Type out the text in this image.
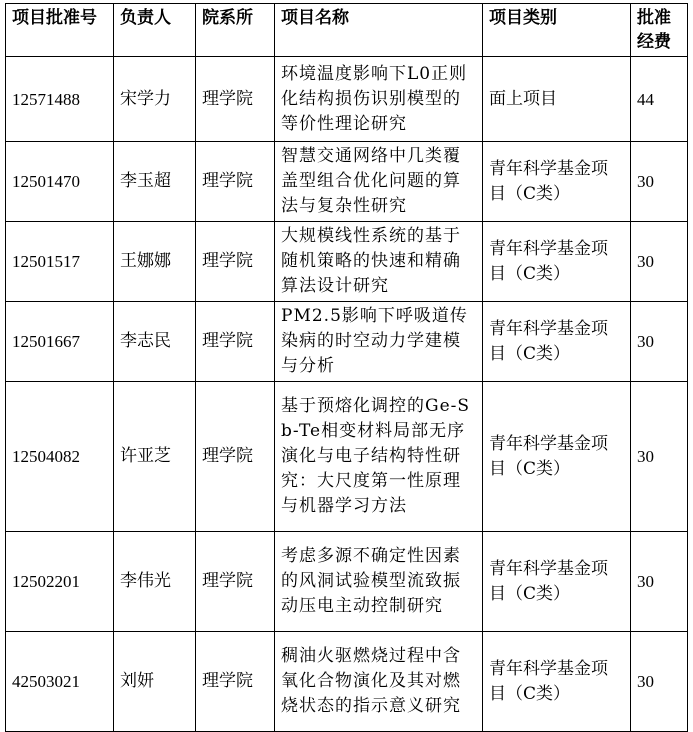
项目批准号	负责人	院系所	项目名称	项目类别	批准经费
12571488	宋学力	理学院	环境温度影响下L0正则化结构损伤识别模型的等价性理论研究	面上项目	44
12501470	李玉超	理学院	智慧交通网络中几类覆盖型组合优化问题的算法与复杂性研究	青年科学基金项目（C类）	30
12501517	王娜娜	理学院	大规模线性系统的基于随机策略的快速和精确算法设计研究	青年科学基金项目（C类）	30
12501667	李志民	理学院	PM2.5影响下呼吸道传染病的时空动力学建模与分析	青年科学基金项目（C类）	30
12504082	许亚芝	理学院	基于预熔化调控的Ge-Sb-Te相变材料局部无序演化与电子结构特性研究：大尺度第一性原理与机器学习方法	青年科学基金项目（C类）	30
12502201	李伟光	理学院	考虑多源不确定性因素的风洞试验模型流致振动压电主动控制研究	青年科学基金项目（C类）	30
42503021	刘妍	理学院	稠油火驱燃烧过程中含氧化合物演化及其对燃烧状态的指示意义研究	青年科学基金项目（C类）	30
